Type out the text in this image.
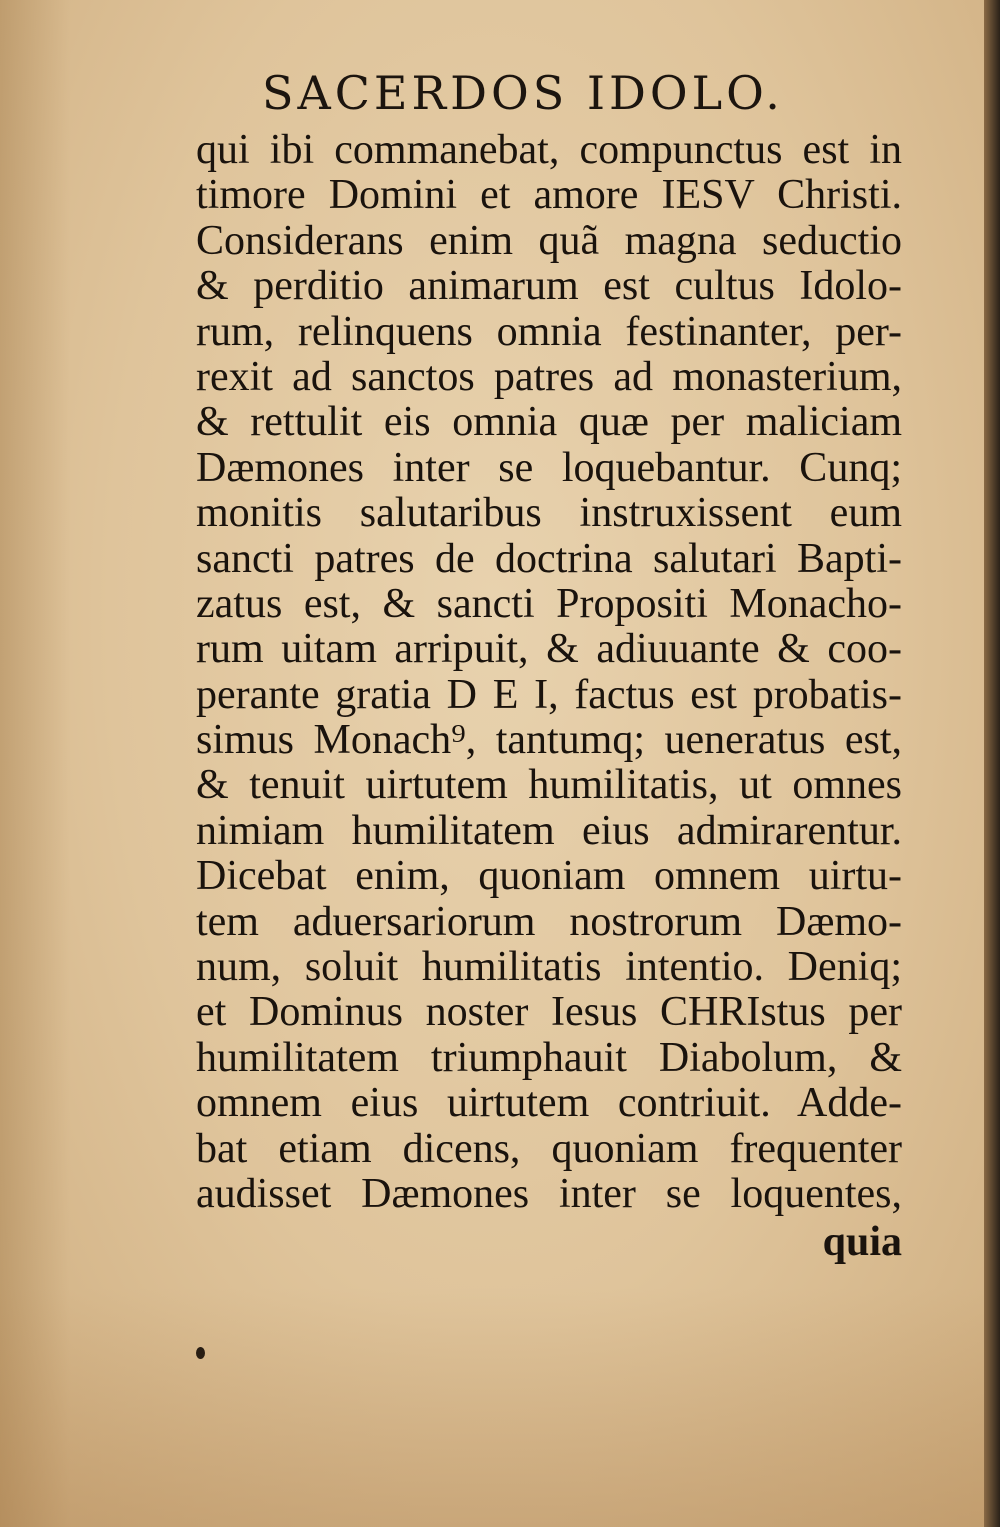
SACERDOS IDOLO.
qui ibi commanebat, compunctus est in
timore Domini et amore IESV Christi.
Considerans enim quã magna seductio
& perditio animarum est cultus Idolo-
rum, relinquens omnia festinanter, per-
rexit ad sanctos patres ad monasterium,
& rettulit eis omnia quæ per maliciam
Dæmones inter se loquebantur. Cunq;
monitis salutaribus instruxissent eum
sancti patres de doctrina salutari Bapti-
zatus est, & sancti Propositi Monacho-
rum uitam arripuit, & adiuuante & coo-
perante gratia D E I, factus est probatis-
simus Monach⁹, tantumq; ueneratus est,
& tenuit uirtutem humilitatis, ut omnes
nimiam humilitatem eius admirarentur.
Dicebat enim, quoniam omnem uirtu-
tem aduersariorum nostrorum Dæmo-
num, soluit humilitatis intentio. Deniq;
et Dominus noster Iesus CHRIstus per
humilitatem triumphauit Diabolum, &
omnem eius uirtutem contriuit. Adde-
bat etiam dicens, quoniam frequenter
audisset Dæmones inter se loquentes,
quia
